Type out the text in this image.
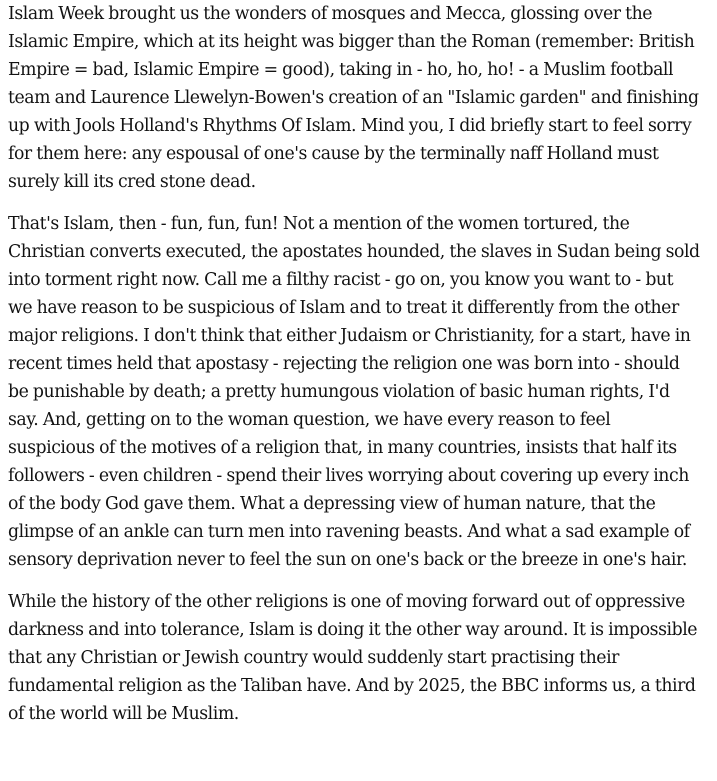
Islam Week brought us the wonders of mosques and Mecca, glossing over the Islamic Empire, which at its height was bigger than the Roman (remember: British Empire = bad, Islamic Empire = good), taking in - ho, ho, ho! - a Muslim football team and Laurence Llewelyn-Bowen's creation of an "Islamic garden" and finishing up with Jools Holland's Rhythms Of Islam. Mind you, I did briefly start to feel sorry for them here: any espousal of one's cause by the terminally naff Holland must surely kill its cred stone dead.

That's Islam, then - fun, fun, fun! Not a mention of the women tortured, the Christian converts executed, the apostates hounded, the slaves in Sudan being sold into torment right now. Call me a filthy racist - go on, you know you want to - but we have reason to be suspicious of Islam and to treat it differently from the other major religions. I don't think that either Judaism or Christianity, for a start, have in recent times held that apostasy - rejecting the religion one was born into - should be punishable by death; a pretty humungous violation of basic human rights, I'd say. And, getting on to the woman question, we have every reason to feel suspicious of the motives of a religion that, in many countries, insists that half its followers - even children - spend their lives worrying about covering up every inch of the body God gave them. What a depressing view of human nature, that the glimpse of an ankle can turn men into ravening beasts. And what a sad example of sensory deprivation never to feel the sun on one's back or the breeze in one's hair.

While the history of the other religions is one of moving forward out of oppressive darkness and into tolerance, Islam is doing it the other way around. It is impossible that any Christian or Jewish country would suddenly start practising their fundamental religion as the Taliban have. And by 2025, the BBC informs us, a third of the world will be Muslim.
